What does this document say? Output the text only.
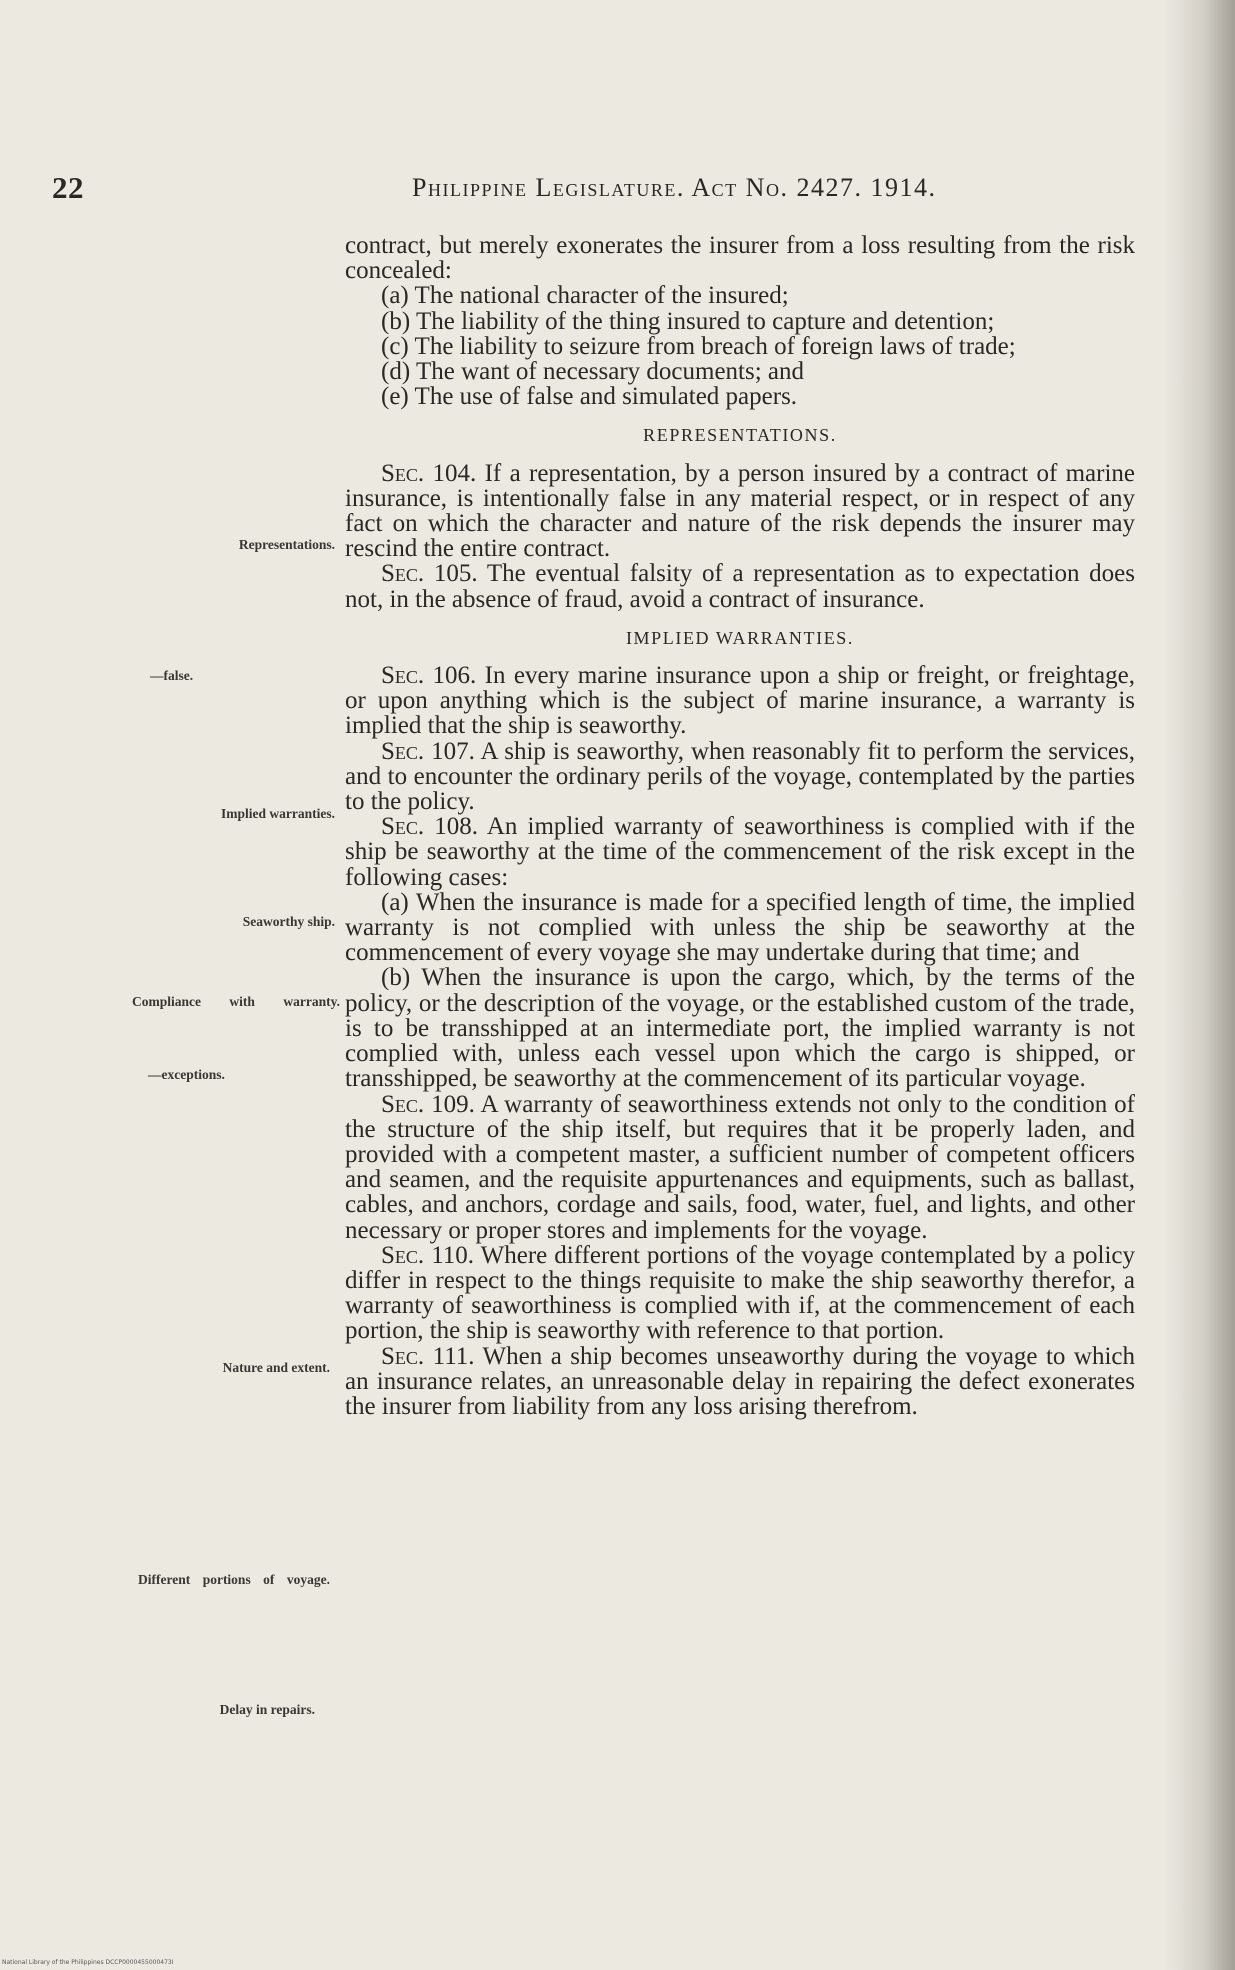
22	Philippine Legislature. Act No. 2427. 1914.
Representations.
—false.
Implied warranties.
Seaworthy ship.
Compliance with warranty.
—exceptions.
Nature and extent.
Different portions of voyage.
Delay in repairs.

contract, but merely exonerates the insurer from a loss resulting from the risk concealed:

(a) The national character of the insured;

(b) The liability of the thing insured to capture and detention;

(c) The liability to seizure from breach of foreign laws of trade;

(d) The want of necessary documents; and

(e) The use of false and simulated papers.

REPRESENTATIONS.

Sec. 104. If a representation, by a person insured by a contract of marine insurance, is intentionally false in any material respect, or in respect of any fact on which the character and nature of the risk depends the insurer may rescind the entire contract.

Sec. 105. The eventual falsity of a representation as to expectation does not, in the absence of fraud, avoid a contract of insurance.

IMPLIED WARRANTIES.

Sec. 106. In every marine insurance upon a ship or freight, or freightage, or upon anything which is the subject of marine insurance, a warranty is implied that the ship is seaworthy.

Sec. 107. A ship is seaworthy, when reasonably fit to perform the services, and to encounter the ordinary perils of the voyage, contemplated by the parties to the policy.

Sec. 108. An implied warranty of seaworthiness is complied with if the ship be seaworthy at the time of the commencement of the risk except in the following cases:

(a) When the insurance is made for a specified length of time, the implied warranty is not complied with unless the ship be seaworthy at the commencement of every voyage she may undertake during that time; and

(b) When the insurance is upon the cargo, which, by the terms of the policy, or the description of the voyage, or the established custom of the trade, is to be transshipped at an intermediate port, the implied warranty is not complied with, unless each vessel upon which the cargo is shipped, or transshipped, be seaworthy at the commencement of its particular voyage.

Sec. 109. A warranty of seaworthiness extends not only to the condition of the structure of the ship itself, but requires that it be properly laden, and provided with a competent master, a sufficient number of competent officers and seamen, and the requisite appurtenances and equipments, such as ballast, cables, and anchors, cordage and sails, food, water, fuel, and lights, and other necessary or proper stores and implements for the voyage.

Sec. 110. Where different portions of the voyage contemplated by a policy differ in respect to the things requisite to make the ship seaworthy therefor, a warranty of seaworthiness is complied with if, at the commencement of each portion, the ship is seaworthy with reference to that portion.

Sec. 111. When a ship becomes unseaworthy during the voyage to which an insurance relates, an unreasonable delay in repairing the defect exonerates the insurer from liability from any loss arising therefrom.

National Library of the Philippines DCCP0000455000473I
